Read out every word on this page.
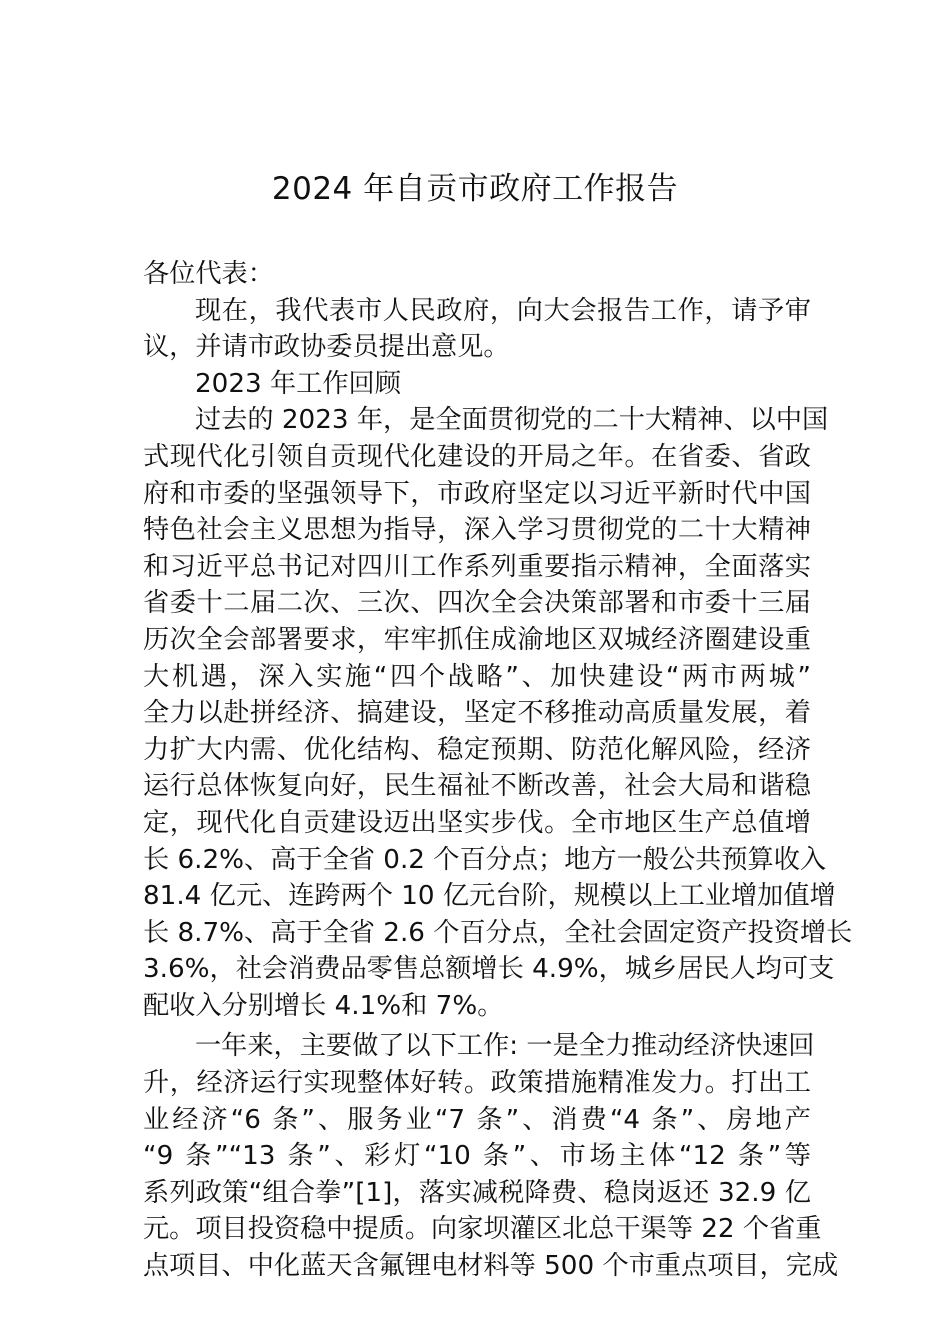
2024 年自贡市政府工作报告
各位代表：
现在，我代表市人民政府，向大会报告工作，请予审
议，并请市政协委员提出意见。
2023 年工作回顾
过去的 2023 年，是全面贯彻党的二十大精神、以中国
式现代化引领自贡现代化建设的开局之年。在省委、省政
府和市委的坚强领导下，市政府坚定以习近平新时代中国
特色社会主义思想为指导，深入学习贯彻党的二十大精神
和习近平总书记对四川工作系列重要指示精神，全面落实
省委十二届二次、三次、四次全会决策部署和市委十三届
历次全会部署要求，牢牢抓住成渝地区双城经济圈建设重
大机遇，深入实施“四个战略”、加快建设“两市两城”
全力以赴拼经济、搞建设，坚定不移推动高质量发展，着
力扩大内需、优化结构、稳定预期、防范化解风险，经济
运行总体恢复向好，民生福祉不断改善，社会大局和谐稳
定，现代化自贡建设迈出坚实步伐。全市地区生产总值增
长 6.2%、高于全省 0.2 个百分点；地方一般公共预算收入
81.4 亿元、连跨两个 10 亿元台阶，规模以上工业增加值增
长 8.7%、高于全省 2.6 个百分点，全社会固定资产投资增长
3.6%，社会消费品零售总额增长 4.9%，城乡居民人均可支
配收入分别增长 4.1%和 7%。
一年来，主要做了以下工作: 一是全力推动经济快速回
升，经济运行实现整体好转。政策措施精准发力。打出工
业经济“6 条”、服务业“7 条”、消费“4 条”、房地产
“9 条”“13 条”、彩灯“10 条”、市场主体“12 条”等
系列政策“组合拳”[1]，落实减税降费、稳岗返还 32.9 亿
元。项目投资稳中提质。向家坝灌区北总干渠等 22 个省重
点项目、中化蓝天含氟锂电材料等 500 个市重点项目，完成
